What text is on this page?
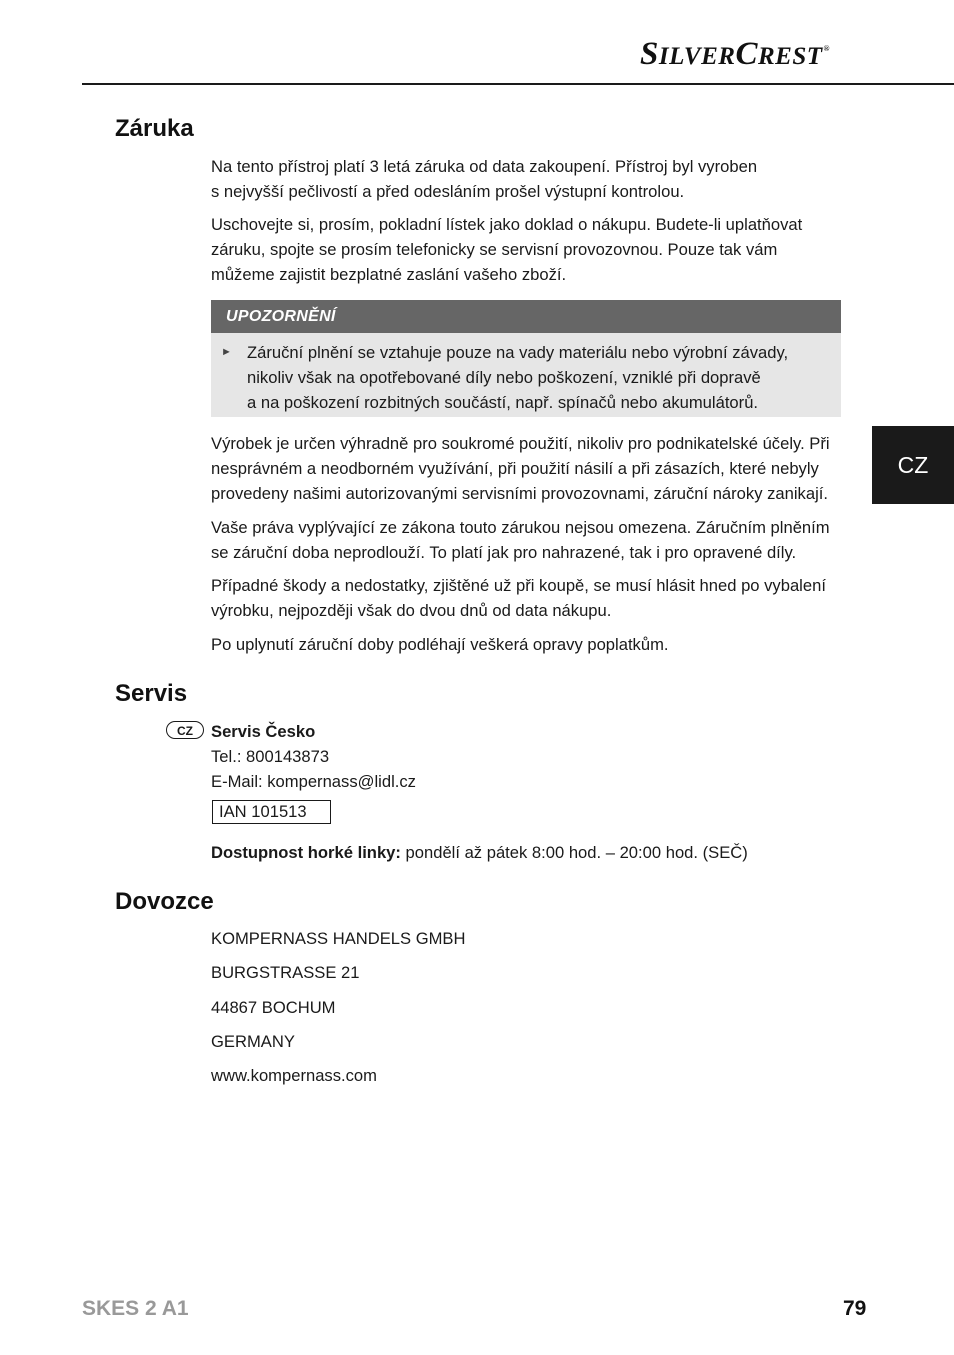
SILVERCREST®
CZ
Záruka
Na tento přístroj platí 3 letá záruka od data zakoupení. Přístroj byl vyroben
s nejvyšší pečlivostí a před odesláním prošel výstupní kontrolou.
Uschovejte si, prosím, pokladní lístek jako doklad o nákupu. Budete-li uplatňovat
záruku, spojte se prosím telefonicky se servisní provozovnou. Pouze tak vám
můžeme zajistit bezplatné zaslání vašeho zboží.
UPOZORNĚNÍ
► Záruční plnění se vztahuje pouze na vady materiálu nebo výrobní závady,
nikoliv však na opotřebované díly nebo poškození, vzniklé při dopravě
a na poškození rozbitných součástí, např. spínačů nebo akumulátorů.
Výrobek je určen výhradně pro soukromé použití, nikoliv pro podnikatelské účely. Při
nesprávném a neodborném využívání, při použití násilí a při zásazích, které nebyly
provedeny našimi autorizovanými servisními provozovnami, záruční nároky zanikají.
Vaše práva vyplývající ze zákona touto zárukou nejsou omezena. Záručním plněním
se záruční doba neprodlouží. To platí jak pro nahrazené, tak i pro opravené díly.
Případné škody a nedostatky, zjištěné už při koupě, se musí hlásit hned po vybalení
výrobku, nejpozději však do dvou dnů od data nákupu.
Po uplynutí záruční doby podléhají veškerá opravy poplatkům.
Servis
CZ	Servis Česko
Tel.: 800143873
E-Mail: kompernass@lidl.cz
IAN 101513
Dostupnost horké linky: pondělí až pátek 8:00 hod. – 20:00 hod. (SEČ)
Dovozce
KOMPERNASS HANDELS GMBH
BURGSTRASSE 21
44867 BOCHUM
GERMANY
www.kompernass.com
SKES 2 A1	79
